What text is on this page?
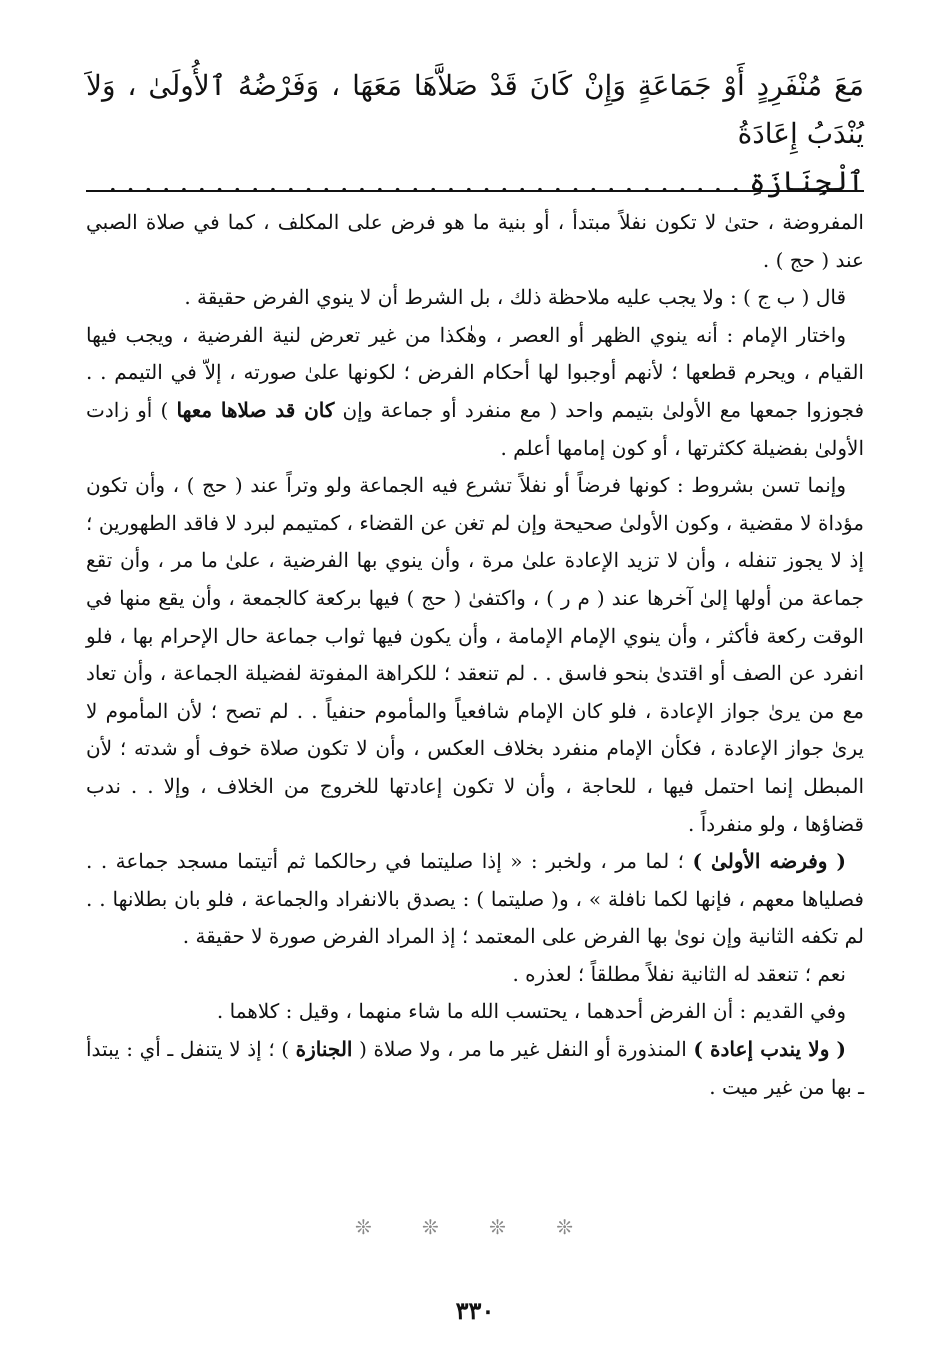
مَعَ مُنْفَرِدٍ أَوْ جَمَاعَةٍ وَإِنْ كَانَ قَدْ صَلاَّهَا مَعَهَا ، وَفَرْضُهُ ٱلأُولَىٰ ، وَلاَ يُنْدَبُ إِعَادَةُ

ٱلْجِنَازَةِ . . . . . . . . . . . . . . . . . . . . . . . . . . . . . . . . . . . .

المفروضة ، حتىٰ لا تكون نفلاً مبتدأ ، أو بنية ما هو فرض على المكلف ، كما في صلاة الصبي عند ( حج ) .

قال ( ب ج ) : ولا يجب عليه ملاحظة ذلك ، بل الشرط أن لا ينوي الفرض حقيقة .

واختار الإمام : أنه ينوي الظهر أو العصر ، وهٰكذا من غير تعرض لنية الفرضية ، ويجب فيها القيام ، ويحرم قطعها ؛ لأنهم أوجبوا لها أحكام الفرض ؛ لكونها علىٰ صورته ، إلاّ في التيمم . . فجوزوا جمعها مع الأولىٰ بتيمم واحد ( مع منفرد أو جماعة وإن كان قد صلاها معها ) أو زادت الأولىٰ بفضيلة ككثرتها ، أو كون إمامها أعلم .

وإنما تسن بشروط : كونها فرضاً أو نفلاً تشرع فيه الجماعة ولو وتراً عند ( حج ) ، وأن تكون مؤداة لا مقضية ، وكون الأولىٰ صحيحة وإن لم تغن عن القضاء ، كمتيمم لبرد لا فاقد الطهورين ؛ إذ لا يجوز تنفله ، وأن لا تزيد الإعادة علىٰ مرة ، وأن ينوي بها الفرضية ، علىٰ ما مر ، وأن تقع جماعة من أولها إلىٰ آخرها عند ( م ر ) ، واكتفىٰ ( حج ) فيها بركعة كالجمعة ، وأن يقع منها في الوقت ركعة فأكثر ، وأن ينوي الإمام الإمامة ، وأن يكون فيها ثواب جماعة حال الإحرام بها ، فلو انفرد عن الصف أو اقتدىٰ بنحو فاسق . . لم تنعقد ؛ للكراهة المفوتة لفضيلة الجماعة ، وأن تعاد مع من يرىٰ جواز الإعادة ، فلو كان الإمام شافعياً والمأموم حنفياً . . لم تصح ؛ لأن المأموم لا يرىٰ جواز الإعادة ، فكأن الإمام منفرد بخلاف العكس ، وأن لا تكون صلاة خوف أو شدته ؛ لأن المبطل إنما احتمل فيها ، للحاجة ، وأن لا تكون إعادتها للخروج من الخلاف ، وإلا . . ندب قضاؤها ، ولو منفرداً .

( وفرضه الأولىٰ ) ؛ لما مر ، ولخبر : « إذا صليتما في رحالكما ثم أتيتما مسجد جماعة . . فصلياها معهم ، فإنها لكما نافلة » ، و( صليتما ) : يصدق بالانفراد والجماعة ، فلو بان بطلانها . . لم تكفه الثانية وإن نوىٰ بها الفرض على المعتمد ؛ إذ المراد الفرض صورة لا حقيقة .

نعم ؛ تنعقد له الثانية نفلاً مطلقاً ؛ لعذره .

وفي القديم : أن الفرض أحدهما ، يحتسب الله ما شاء منهما ، وقيل : كلاهما .

( ولا يندب إعادة ) المنذورة أو النفل غير ما مر ، ولا صلاة ( الجنازة ) ؛ إذ لا يتنفل ـ أي : يبتدأ ـ بها من غير ميت .

❊ ❊ ❊ ❊
٣٣٠
